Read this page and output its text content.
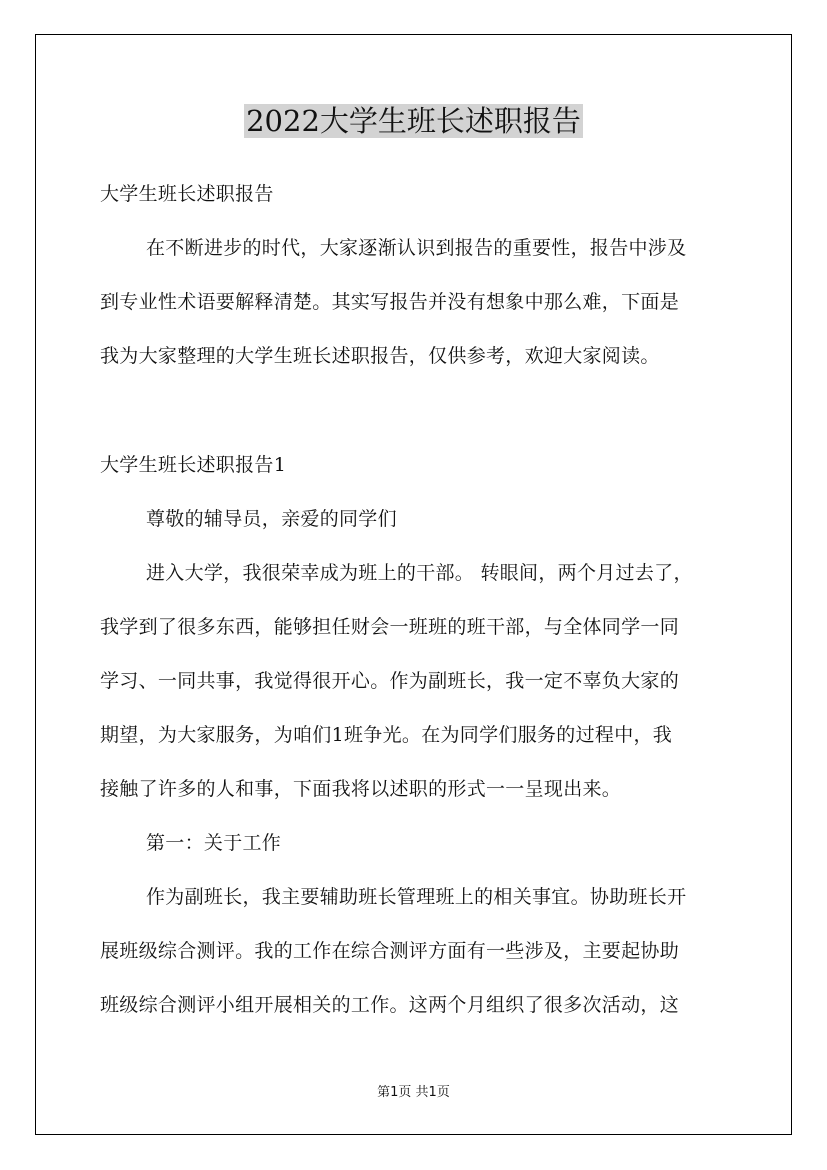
2022大学生班长述职报告
大学生班长述职报告
在不断进步的时代，大家逐渐认识到报告的重要性，报告中涉及
到专业性术语要解释清楚。其实写报告并没有想象中那么难，下面是
我为大家整理的大学生班长述职报告，仅供参考，欢迎大家阅读。
大学生班长述职报告1
尊敬的辅导员，亲爱的同学们
进入大学，我很荣幸成为班上的干部。 转眼间，两个月过去了，
我学到了很多东西，能够担任财会一班班的班干部，与全体同学一同
学习、一同共事，我觉得很开心。作为副班长，我一定不辜负大家的
期望，为大家服务，为咱们1班争光。在为同学们服务的过程中，我
接触了许多的人和事，下面我将以述职的形式一一呈现出来。
第一：关于工作
作为副班长，我主要辅助班长管理班上的相关事宜。协助班长开
展班级综合测评。我的工作在综合测评方面有一些涉及，主要起协助
班级综合测评小组开展相关的工作。这两个月组织了很多次活动，这
第1页 共1页
